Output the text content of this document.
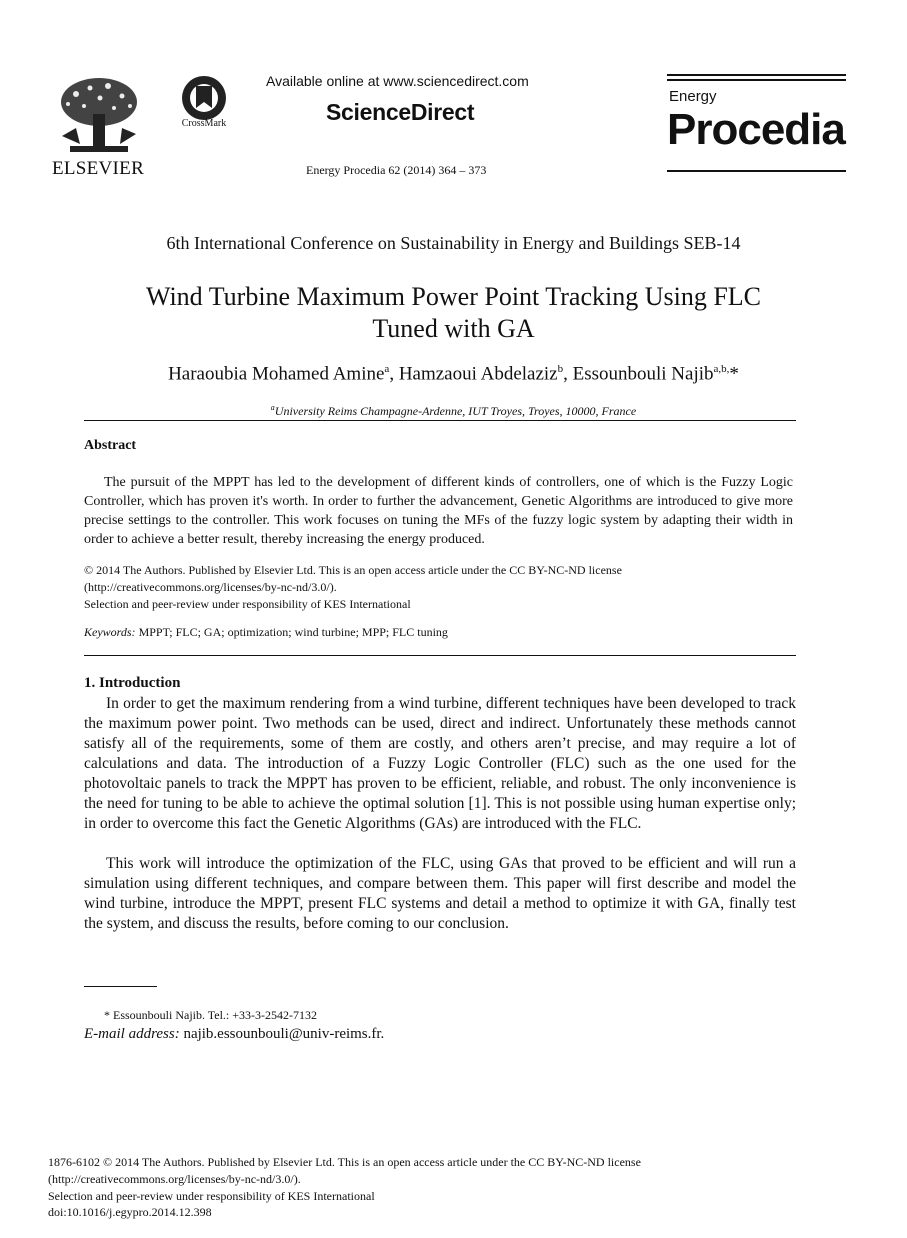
ELSEVIER
CrossMark
Available online at www.sciencedirect.com
ScienceDirect
Energy Procedia 62 (2014) 364 – 373
Energy
Procedia
6th International Conference on Sustainability in Energy and Buildings SEB-14
Wind Turbine Maximum Power Point Tracking Using FLC
Tuned with GA
Haraoubia Mohamed Amine$^a$, Hamzaoui Abdelaziz$^b$, Essounbouli Najib$^{a,b,}$*
$^a$University Reims Champagne-Ardenne, IUT Troyes, Troyes, 10000, France
Abstract
The pursuit of the MPPT has led to the development of different kinds of controllers, one of which is the Fuzzy Logic Controller, which has proven it's worth. In order to further the advancement, Genetic Algorithms are introduced to give more precise settings to the controller. This work focuses on tuning the MFs of the fuzzy logic system by adapting their width in order to achieve a better result, thereby increasing the energy produced.
© 2014 The Authors. Published by Elsevier Ltd. This is an open access article under the CC BY-NC-ND license
(http://creativecommons.org/licenses/by-nc-nd/3.0/).
Selection and peer-review under responsibility of KES International
Keywords: MPPT; FLC; GA; optimization; wind turbine; MPP; FLC tuning
1. Introduction
In order to get the maximum rendering from a wind turbine, different techniques have been developed to track the maximum power point. Two methods can be used, direct and indirect. Unfortunately these methods cannot satisfy all of the requirements, some of them are costly, and others aren’t precise, and may require a lot of calculations and data. The introduction of a Fuzzy Logic Controller (FLC) such as the one used for the photovoltaic panels to track the MPPT has proven to be efficient, reliable, and robust. The only inconvenience is the need for tuning to be able to achieve the optimal solution [1]. This is not possible using human expertise only; in order to overcome this fact the Genetic Algorithms (GAs) are introduced with the FLC.
This work will introduce the optimization of the FLC, using GAs that proved to be efficient and will run a simulation using different techniques, and compare between them. This paper will first describe and model the wind turbine, introduce the MPPT, present FLC systems and detail a method to optimize it with GA, finally test the system, and discuss the results, before coming to our conclusion.
* Essounbouli Najib. Tel.: +33-3-2542-7132
E-mail address: najib.essounbouli@univ-reims.fr.
1876-6102 © 2014 The Authors. Published by Elsevier Ltd. This is an open access article under the CC BY-NC-ND license
(http://creativecommons.org/licenses/by-nc-nd/3.0/).
Selection and peer-review under responsibility of KES International
doi:10.1016/j.egypro.2014.12.398
